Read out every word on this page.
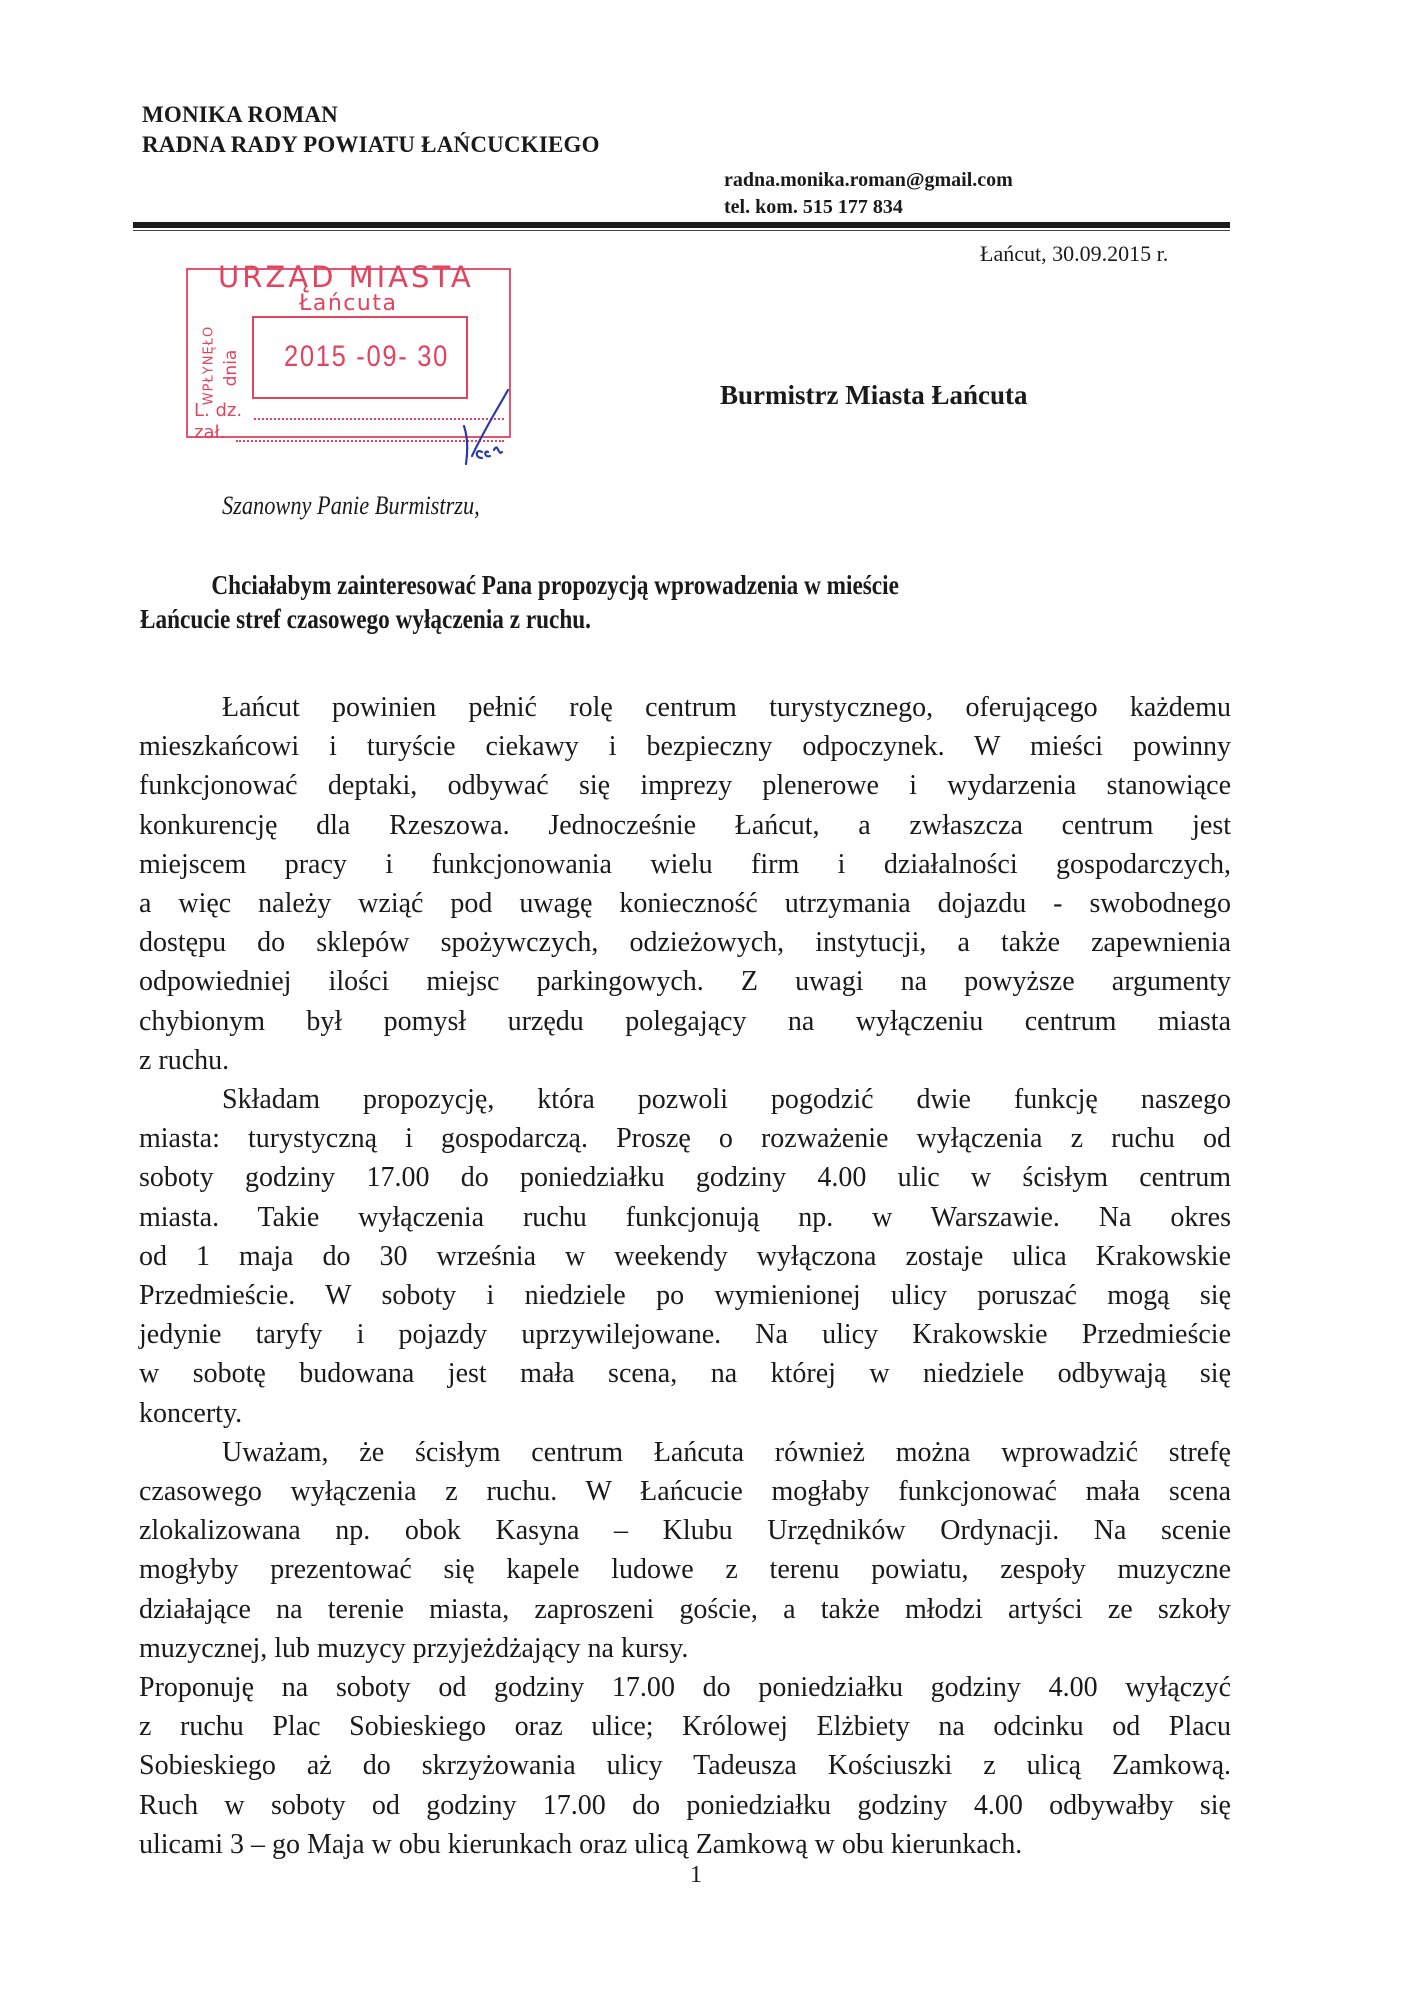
MONIKA ROMAN
RADNA RADY POWIATU ŁAŃCUCKIEGO
radna.monika.roman@gmail.com
tel. kom. 515 177 834
Łańcut, 30.09.2015 r.
URZĄD MIASTA
Łańcuta
2015 -09- 30
WPŁYNĘŁO dnia
L. dz.
zał.
Burmistrz Miasta Łańcuta
Szanowny Panie Burmistrzu,

Chciałabym zainteresować Pana propozycją wprowadzenia w mieście

Łańcucie stref czasowego wyłączenia z ruchu.

Łańcut powinien pełnić rolę centrum turystycznego, oferującego każdemu
mieszkańcowi i turyście ciekawy i bezpieczny odpoczynek. W mieści powinny
funkcjonować deptaki, odbywać się imprezy plenerowe i wydarzenia stanowiące
konkurencję dla Rzeszowa. Jednocześnie Łańcut, a zwłaszcza centrum jest
miejscem pracy i funkcjonowania wielu firm i działalności gospodarczych,
a więc należy wziąć pod uwagę konieczność utrzymania dojazdu - swobodnego
dostępu do sklepów spożywczych, odzieżowych, instytucji, a także zapewnienia
odpowiedniej ilości miejsc parkingowych. Z uwagi na powyższe argumenty
chybionym był pomysł urzędu polegający na wyłączeniu centrum miasta
z ruchu.
Składam propozycję, która pozwoli pogodzić dwie funkcję naszego
miasta: turystyczną i gospodarczą. Proszę o rozważenie wyłączenia z ruchu od
soboty godziny 17.00 do poniedziałku godziny 4.00 ulic w ścisłym centrum
miasta. Takie wyłączenia ruchu funkcjonują np. w Warszawie. Na okres
od 1 maja do 30 września w weekendy wyłączona zostaje ulica Krakowskie
Przedmieście. W soboty i niedziele po wymienionej ulicy poruszać mogą się
jedynie taryfy i pojazdy uprzywilejowane. Na ulicy Krakowskie Przedmieście
w sobotę budowana jest mała scena, na której w niedziele odbywają się
koncerty.
Uważam, że ścisłym centrum Łańcuta również można wprowadzić strefę
czasowego wyłączenia z ruchu. W Łańcucie mogłaby funkcjonować mała scena
zlokalizowana np. obok Kasyna – Klubu Urzędników Ordynacji. Na scenie
mogłyby prezentować się kapele ludowe z terenu powiatu, zespoły muzyczne
działające na terenie miasta, zaproszeni goście, a także młodzi artyści ze szkoły
muzycznej, lub muzycy przyjeżdżający na kursy.
Proponuję na soboty od godziny 17.00 do poniedziałku godziny 4.00 wyłączyć
z ruchu Plac Sobieskiego oraz ulice; Królowej Elżbiety na odcinku od Placu
Sobieskiego aż do skrzyżowania ulicy Tadeusza Kościuszki z ulicą Zamkową.
Ruch w soboty od godziny 17.00 do poniedziałku godziny 4.00 odbywałby się
ulicami 3 – go Maja w obu kierunkach oraz ulicą Zamkową w obu kierunkach.
1
